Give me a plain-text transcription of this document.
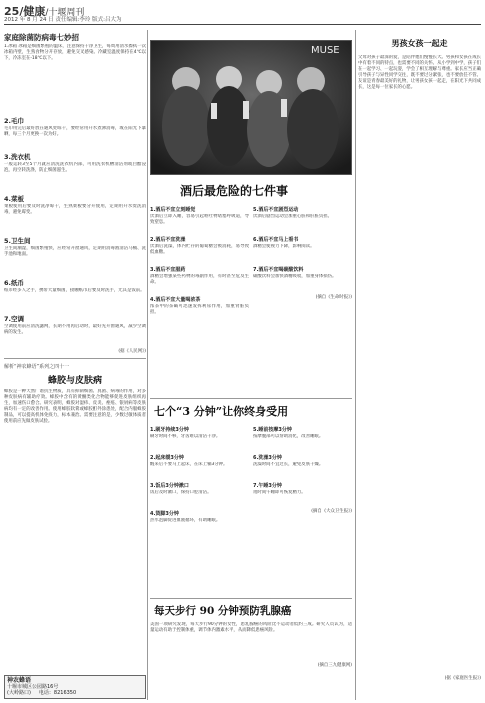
25/健康/十堰周刊
2012 年 8 月 24 日 责任编辑:李玲 版式:吕大为
家庭除菌防病毒七妙招
1.冰箱 冰箱是细菌繁殖的温床，注意保持干净卫生，每周用清水擦拭一次冰箱内壁，生熟食物分开存放，避免交叉感染。冷藏室温度保持在4℃以下，冷冻室在-18℃以下。
2.毛巾
毛巾用完后最好放在通风处晾干，要经常用开水煮沸消毒，或在阳光下暴晒，每三个月更换一次为好。
3.洗衣机
一般运转3至5个月就应清洗洗衣机内部，可用洗衣机槽清洁剂或白醋浸泡，再空转洗涤，防止细菌滋生。
4.菜板
菜板使用后要及时洗净晾干，生熟菜板要分开使用，定期用开水烫洗消毒，避免霉变。
5.卫生间
卫生间潮湿，细菌繁殖快，应经常开窗通风，定期用消毒液清洁马桶、洗手池和地面。
6.纸币
纸币经多人之手，携带大量细菌，接触纸币后要及时洗手，尤其是饭前。
7.空调
空调使用前应清洗滤网，长期不用再启动时，最好先开窗通风，减少空调病的发生。
(据《人民网》)
解析“神农蜂语”系列之四十一
蜂胶与皮肤病
蜂胶是一种天然广谱抗生物质，具有抑制细菌、真菌、病毒的作用，对多种皮肤病有辅助疗效。蜂胶中含有的黄酮类化合物能够促进皮肤组织再生，加速伤口愈合。研究表明，蜂胶对湿疹、皮炎、痤疮、银屑病等皮肤病均有一定的改善作用。使用蜂胶软膏或蜂胶酊外涂患处，配合内服蜂胶制品，可以提高机体免疫力，标本兼治。需要注意的是，少数过敏体质者使用前应先做皮肤试验。
MUSE
酒后最危险的七件事
1.酒后不宜立刻睡觉
饮酒后立即入睡，容易引起呕吐物堵塞呼吸道，导致窒息。
2.酒后不宜洗澡
饮酒后洗澡，体内贮存的葡萄糖会被消耗，易导致低血糖。
3.酒后不宜服药
酒精会增强某些药物的毒副作用，有时甚至危及生命。
4.酒后不宜大量喝浓茶
浓茶中的茶碱可迅速发挥利尿作用，加重肾脏负担。
5.酒后不宜剧烈运动
饮酒后剧烈运动会加重心脏和肝脏负担。
6.酒后不宜马上看书
酒精会使视力下降，影响阅读。
7.酒后不宜喝碳酸饮料
碳酸饮料会加快酒精吸收，加重身体损伤。
(摘自《生命时报》)
七个“3 分钟”让你终身受用
1.刷牙持续3分钟
刷牙时间不够，牙齿难以清洁干净。
2.起床缓3分钟
醒来后不要马上起床，在床上躺3分钟。
3.饭后3分钟漱口
饭后及时漱口，保持口腔清洁。
4.烫脚3分钟
热水泡脚促进血液循环，有助睡眠。
5.睡前按摩3分钟
按摩腹部可以帮助消化，改善睡眠。
6.洗澡3分钟
洗澡时间不宜过长，避免皮肤干燥。
7.午睡3分钟
短时间午睡即可恢复精力。
(摘自《大众卫生报》)
每天步行 90 分钟预防乳腺癌
美国一项研究发现，每天步行90分钟的女性，患乳腺癌的风险比不运动者低约三成。研究人员认为，适量运动有助于控制体重，调节体内激素水平，从而降低患癌风险。
(摘自三九健康网)
男孩女孩一起走
父母对孩子最深的爱，是陪伴他们慢慢长大。男孩和女孩在成长中有着不同的特点，也需要不同的关怀。从小学到中学，孩子们在一起学习、一起玩耍，学会了相互理解与尊重。家长应当正确引导孩子与异性同学交往，既不要过分紧张，也不要放任不管。友谊是青春最美好的礼物，让男孩女孩一起走，在阳光下共同成长，这是每一位家长的心愿。
(据《家庭医生报》)
神农蜂语
十堰市城区公园路16号
(大岭路口) 电话：8216350
